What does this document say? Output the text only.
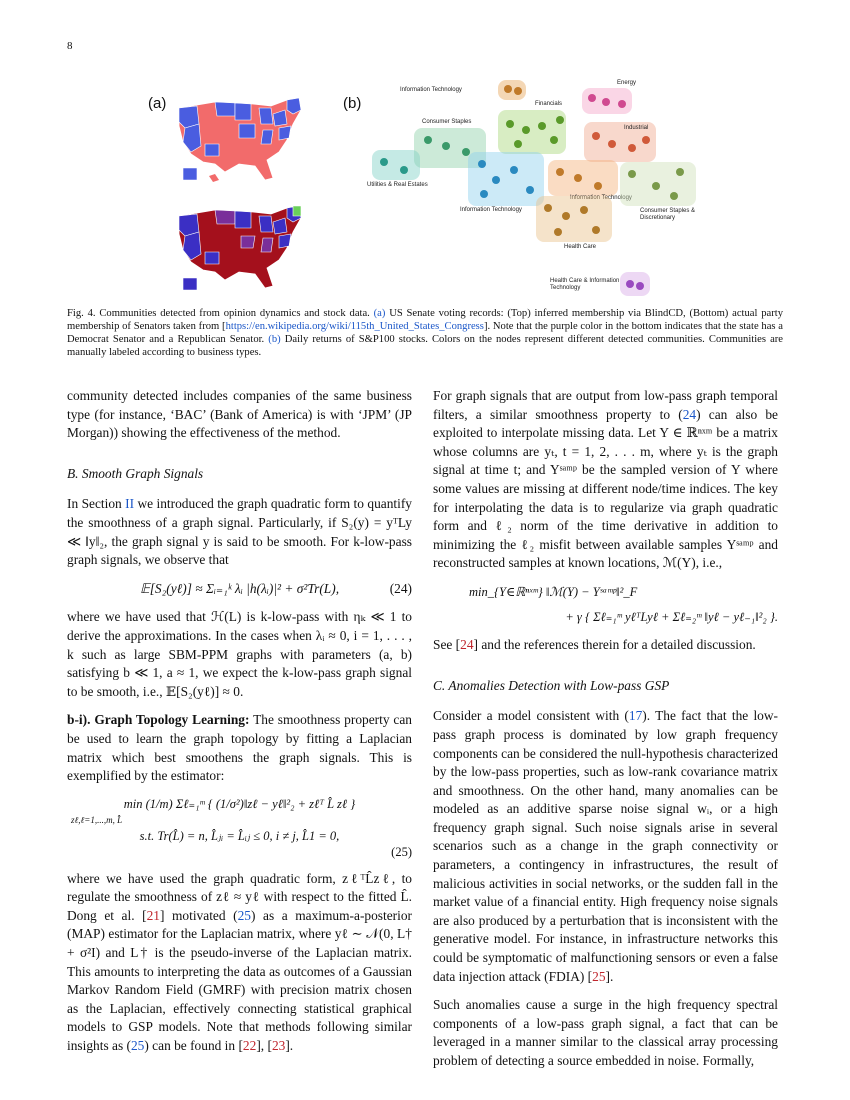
8
(a)	(b)
Information Technology
Energy
Financials
Consumer Staples
Industrial
Utilities & Real Estates
Information Technology
Information Technology
Consumer Staples & Discretionary
Health Care
Health Care & Information Technology
Fig. 4. Communities detected from opinion dynamics and stock data. (a) US Senate voting records: (Top) inferred membership via BlindCD, (Bottom) actual party membership of Senators taken from [https://en.wikipedia.org/wiki/115th_United_States_Congress]. Note that the purple color in the bottom indicates that the state has a Democrat Senator and a Republican Senator. (b) Daily returns of S&P100 stocks. Colors on the nodes represent different detected communities. Communities are manually labeled according to business types.

community detected includes companies of the same business type (for instance, ‘BAC’ (Bank of America) is with ‘JPM’ (JP Morgan)) showing the effectiveness of the method.

B. Smooth Graph Signals

In Section II we introduced the graph quadratic form to quantify the smoothness of a graph signal. Particularly, if S₂(y) = yᵀLy ≪ ‖y‖₂, the graph signal y is said to be smooth. For k-low-pass graph signals, we observe that

𝔼[S₂(yℓ)] ≈ Σᵢ₌₁ᵏ λᵢ |h(λᵢ)|² + σ²Tr(L),	(24)

where we have used that ℋ(L) is k-low-pass with ηₖ ≪ 1 to derive the approximations. In the cases when λᵢ ≈ 0, i = 1, . . . , k such as large SBM-PPM graphs with parameters (a, b) satisfying b ≪ 1, a ≈ 1, we expect the k-low-pass graph signal to be smooth, i.e., 𝔼[S₂(yℓ)] ≈ 0.

b-i). Graph Topology Learning: The smoothness property can be used to learn the graph topology by fitting a Laplacian matrix which best smoothens the graph signals. This is exemplified by the estimator:

min (1/m) Σℓ₌₁ᵐ { (1/σ²)‖zℓ − yℓ‖²₂ + zℓᵀ L̂ zℓ }
zℓ,ℓ=1,...,m, L̂
s.t. Tr(L̂) = n, L̂ⱼᵢ = L̂ᵢⱼ ≤ 0, i ≠ j, L̂1 = 0,
(25)

where we have used the graph quadratic form, zℓᵀL̂zℓ, to regulate the smoothness of zℓ ≈ yℓ with respect to the fitted L̂. Dong et al. [21] motivated (25) as a maximum-a-posterior (MAP) estimator for the Laplacian matrix, where yℓ ∼ 𝒩(0, L† + σ²I) and L† is the pseudo-inverse of the Laplacian matrix. This amounts to interpreting the data as outcomes of a Gaussian Markov Random Field (GMRF) with precision matrix chosen as the Laplacian, effectively connecting statistical graphical models to GSP models. Note that methods following similar insights as (25) can be found in [22], [23].

For graph signals that are output from low-pass graph temporal filters, a similar smoothness property to (24) can also be exploited to interpolate missing data. Let Y ∈ ℝⁿˣᵐ be a matrix whose columns are yₜ, t = 1, 2, . . . m, where yₜ is the graph signal at time t; and Yˢᵃᵐᵖ be the sampled version of Y where some values are missing at different node/time indices. The key for interpolating the data is to regularize via graph quadratic form and ℓ₂ norm of the time derivative in addition to minimizing the ℓ₂ misfit between available samples Yˢᵃᵐᵖ and reconstructed samples at known locations, ℳ(Y), i.e.,

min_{Y∈ℝⁿˣᵐ} ‖ℳ(Y) − Yˢᵃᵐᵖ‖²_F
+ γ { Σℓ₌₁ᵐ yℓᵀLyℓ + Σℓ₌₂ᵐ ‖yℓ − yℓ₋₁‖²₂ }.

See [24] and the references therein for a detailed discussion.

C. Anomalies Detection with Low-pass GSP

Consider a model consistent with (17). The fact that the low-pass graph process is dominated by low graph frequency components can be considered the null-hypothesis characterized by the low-pass properties, such as low-rank covariance matrix and smoothness. On the other hand, many anomalies can be modeled as an additive sparse noise signal wᵢ, or a high frequency graph signal. Such noise signals arise in several scenarios such as a change in the graph connectivity or parameters, a contingency in infrastructures, the result of malicious activities in social networks, or the sudden fall in the market value of a financial entity. High frequency noise signals are also produced by a perturbation that is inconsistent with the generative model. For instance, in infrastructure networks this could be symptomatic of malfunctioning sensors or even a false data injection attack (FDIA) [25].

Such anomalies cause a surge in the high frequency spectral components of a low-pass graph signal, a fact that can be leveraged in a manner similar to the classical array processing problem of detecting a source embedded in noise. Formally,
